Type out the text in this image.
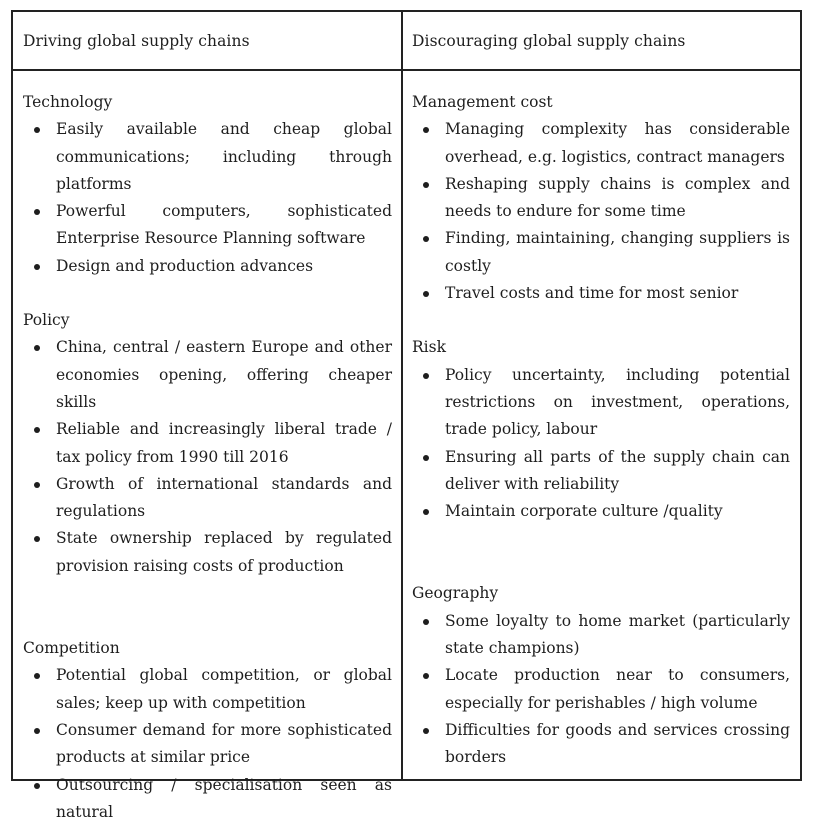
Driving global supply chains	Discouraging global supply chains
Technology
Easily available and cheap global communications; including through platforms
Powerful computers, sophisticated Enterprise Resource Planning software
Design and production advances
Policy
China, central / eastern Europe and other economies opening, offering cheaper skills
Reliable and increasingly liberal trade / tax policy from 1990 till 2016
Growth of international standards and regulations
State ownership replaced by regulated provision raising costs of production
Competition
Potential global competition, or global sales; keep up with competition
Consumer demand for more sophisticated products at similar price
Outsourcing / specialisation seen as natural
Management cost
Managing complexity has considerable overhead, e.g. logistics, contract managers
Reshaping supply chains is complex and needs to endure for some time
Finding, maintaining, changing suppliers is costly
Travel costs and time for most senior
Risk
Policy uncertainty, including potential restrictions on investment, operations, trade policy, labour
Ensuring all parts of the supply chain can deliver with reliability
Maintain corporate culture /quality
Geography
Some loyalty to home market (particularly state champions)
Locate production near to consumers, especially for perishables / high volume
Difficulties for goods and services crossing borders
